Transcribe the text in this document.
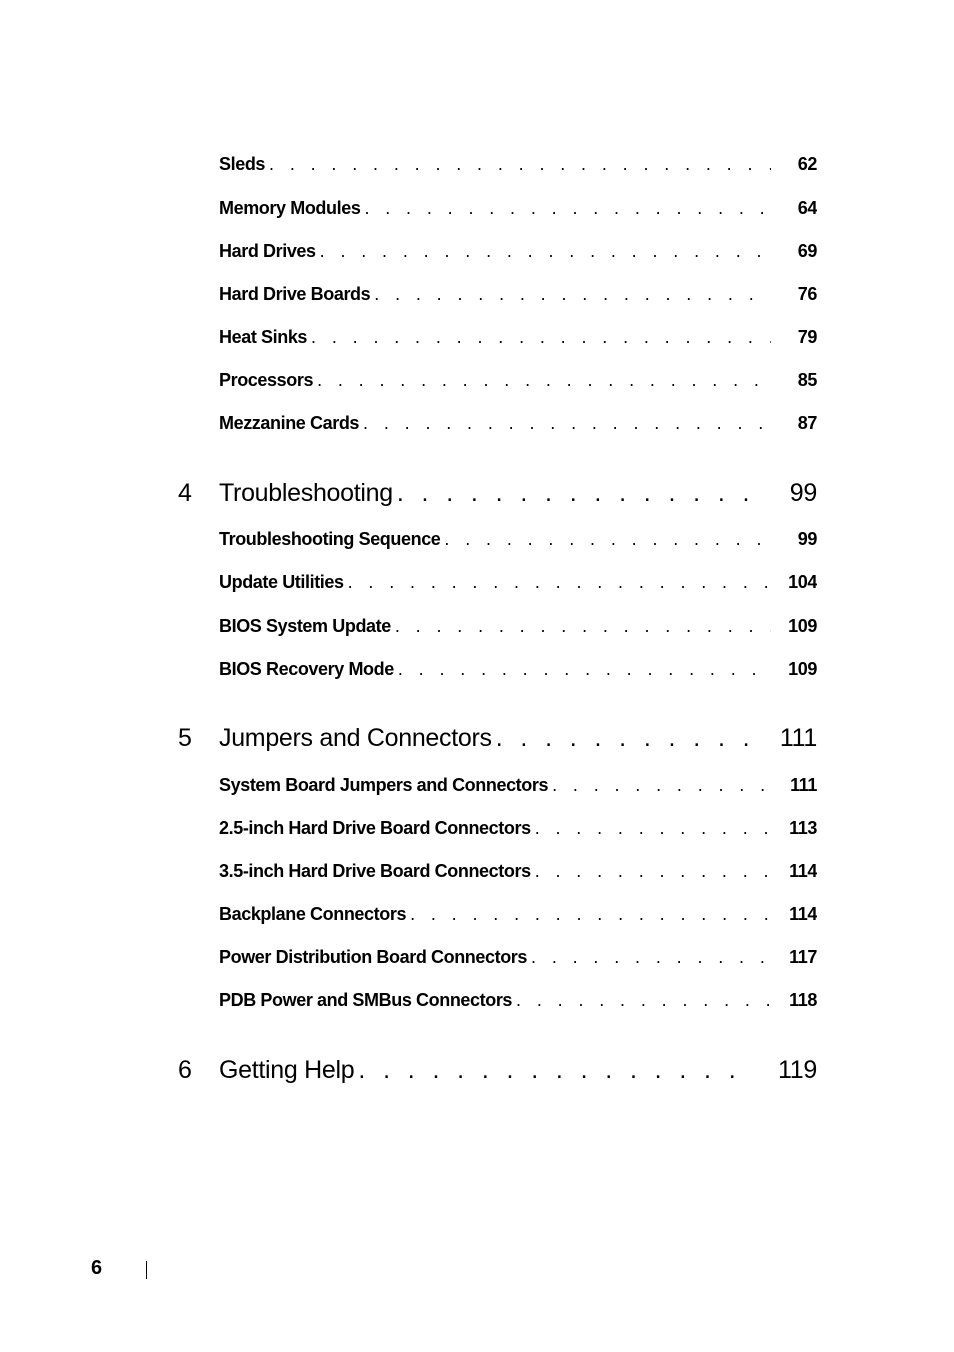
Sleds . . .	62
Memory Modules . . .	64
Hard Drives . . .	69
Hard Drive Boards . . .	76
Heat Sinks . . .	79
Processors . . .	85
Mezzanine Cards . . .	87
4 Troubleshooting . . .	99
Troubleshooting Sequence . . .	99
Update Utilities . . .	104
BIOS System Update . . .	109
BIOS Recovery Mode . . .	109
5 Jumpers and Connectors . . .	111
System Board Jumpers and Connectors . . .	111
2.5-inch Hard Drive Board Connectors . . .	113
3.5-inch Hard Drive Board Connectors . . .	114
Backplane Connectors . . .	114
Power Distribution Board Connectors . . .	117
PDB Power and SMBus Connectors . . .	118
6 Getting Help . . .	119
6
